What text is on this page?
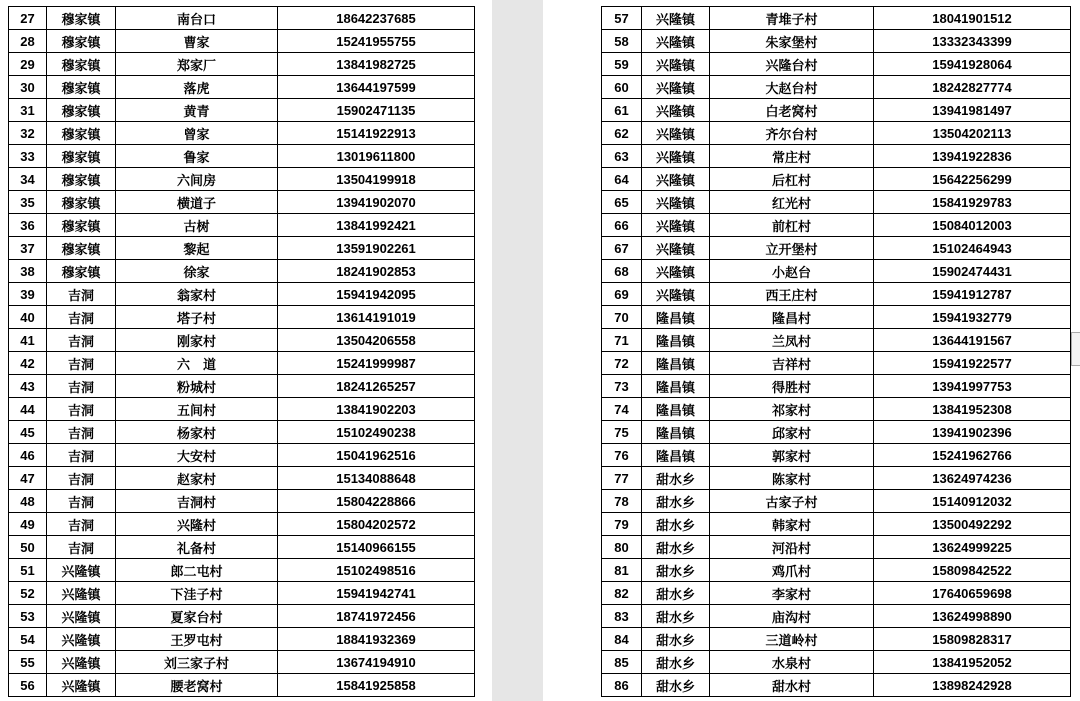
27	穆家镇	南台口	18642237685
28	穆家镇	曹家	15241955755
29	穆家镇	郑家厂	13841982725
30	穆家镇	落虎	13644197599
31	穆家镇	黄青	15902471135
32	穆家镇	曾家	15141922913
33	穆家镇	鲁家	13019611800
34	穆家镇	六间房	13504199918
35	穆家镇	横道子	13941902070
36	穆家镇	古树	13841992421
37	穆家镇	黎起	13591902261
38	穆家镇	徐家	18241902853
39	吉洞	翁家村	15941942095
40	吉洞	塔子村	13614191019
41	吉洞	刚家村	13504206558
42	吉洞	六　道	15241999987
43	吉洞	粉城村	18241265257
44	吉洞	五间村	13841902203
45	吉洞	杨家村	15102490238
46	吉洞	大安村	15041962516
47	吉洞	赵家村	15134088648
48	吉洞	吉洞村	15804228866
49	吉洞	兴隆村	15804202572
50	吉洞	礼备村	15140966155
51	兴隆镇	郎二屯村	15102498516
52	兴隆镇	下洼子村	15941942741
53	兴隆镇	夏家台村	18741972456
54	兴隆镇	王罗屯村	18841932369
55	兴隆镇	刘三家子村	13674194910
56	兴隆镇	腰老窝村	15841925858
57	兴隆镇	青堆子村	18041901512
58	兴隆镇	朱家堡村	13332343399
59	兴隆镇	兴隆台村	15941928064
60	兴隆镇	大赵台村	18242827774
61	兴隆镇	白老窝村	13941981497
62	兴隆镇	齐尔台村	13504202113
63	兴隆镇	常庄村	13941922836
64	兴隆镇	后杠村	15642256299
65	兴隆镇	红光村	15841929783
66	兴隆镇	前杠村	15084012003
67	兴隆镇	立开堡村	15102464943
68	兴隆镇	小赵台	15902474431
69	兴隆镇	西王庄村	15941912787
70	隆昌镇	隆昌村	15941932779
71	隆昌镇	兰凤村	13644191567
72	隆昌镇	吉祥村	15941922577
73	隆昌镇	得胜村	13941997753
74	隆昌镇	祁家村	13841952308
75	隆昌镇	邱家村	13941902396
76	隆昌镇	郭家村	15241962766
77	甜水乡	陈家村	13624974236
78	甜水乡	古家子村	15140912032
79	甜水乡	韩家村	13500492292
80	甜水乡	河沿村	13624999225
81	甜水乡	鸡爪村	15809842522
82	甜水乡	李家村	17640659698
83	甜水乡	庙沟村	13624998890
84	甜水乡	三道岭村	15809828317
85	甜水乡	水泉村	13841952052
86	甜水乡	甜水村	13898242928
